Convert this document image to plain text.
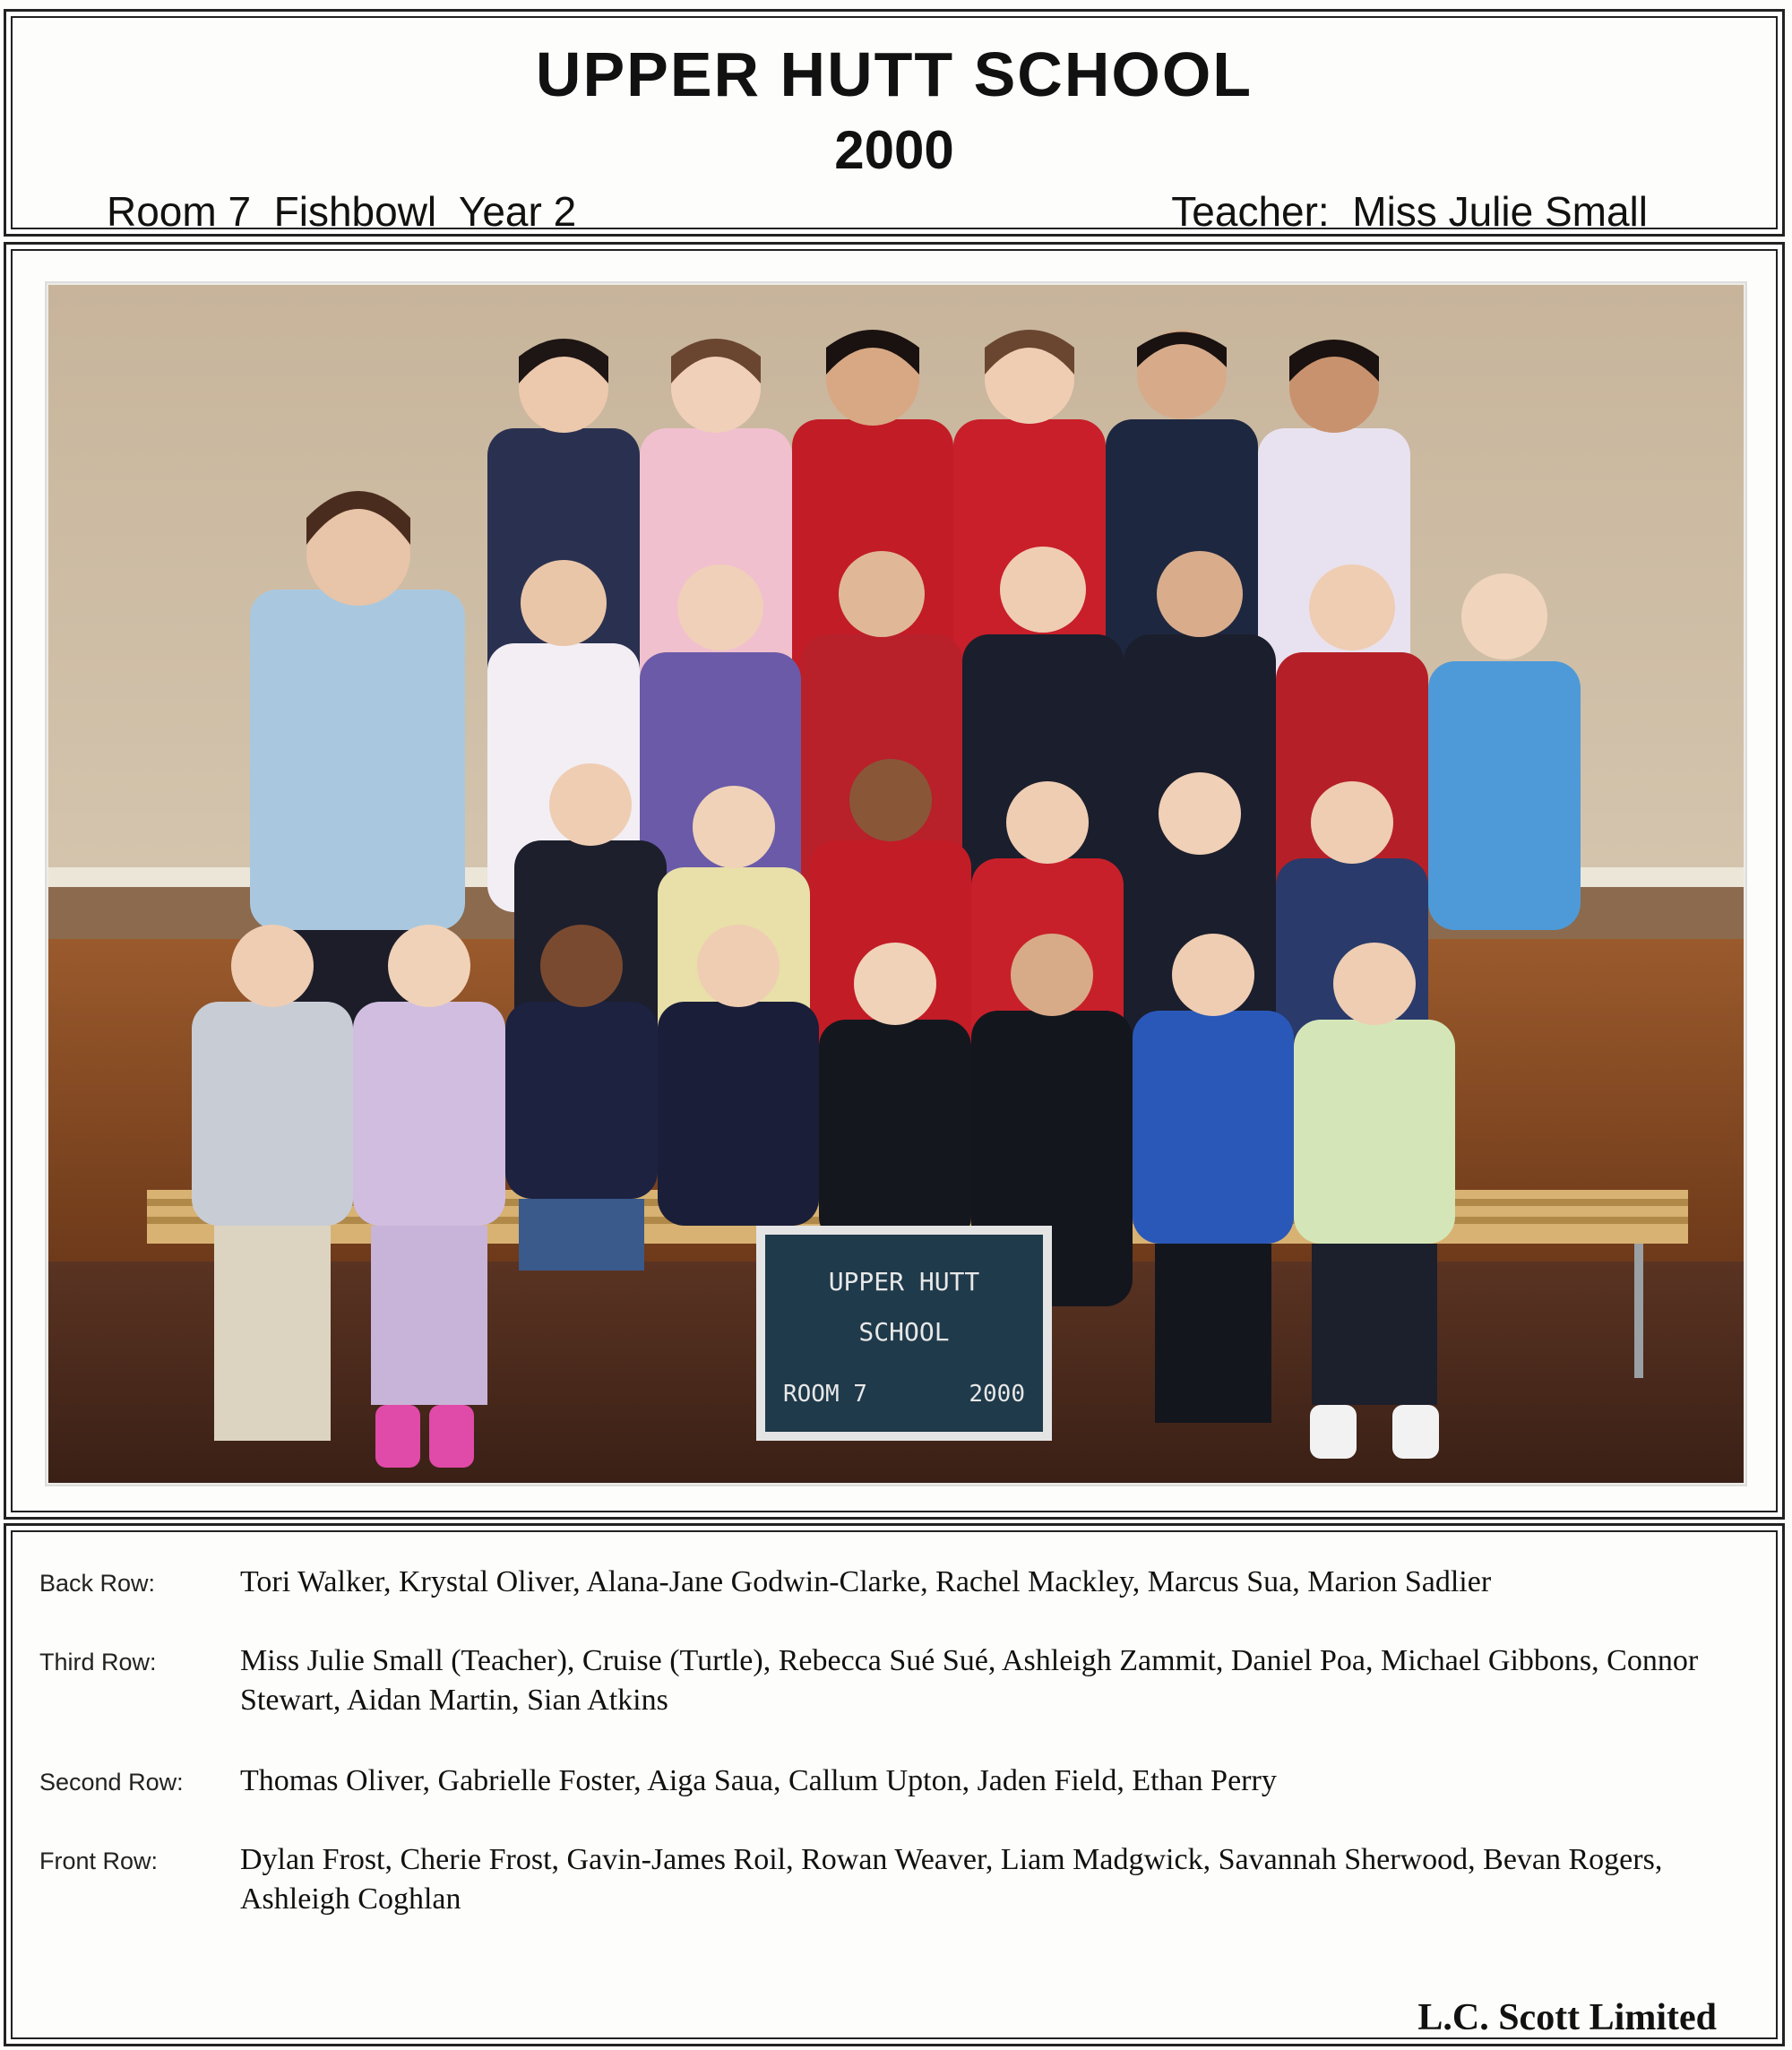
UPPER HUTT SCHOOL
2000
Room 7  Fishbowl  Year 2	Teacher:  Miss Julie Small
UPPER HUTT
SCHOOL
ROOM 7	2000
Back Row:	Tori Walker, Krystal Oliver, Alana-Jane Godwin-Clarke, Rachel Mackley, Marcus Sua, Marion Sadlier
Third Row:	Miss Julie Small (Teacher), Cruise (Turtle), Rebecca Sué Sué, Ashleigh Zammit, Daniel Poa, Michael Gibbons, Connor Stewart, Aidan Martin, Sian Atkins
Second Row: Thomas Oliver, Gabrielle Foster, Aiga Saua, Callum Upton, Jaden Field, Ethan Perry
Front Row:	Dylan Frost, Cherie Frost, Gavin-James Roil, Rowan Weaver, Liam Madgwick, Savannah Sherwood, Bevan Rogers, Ashleigh Coghlan
L.C. Scott Limited
